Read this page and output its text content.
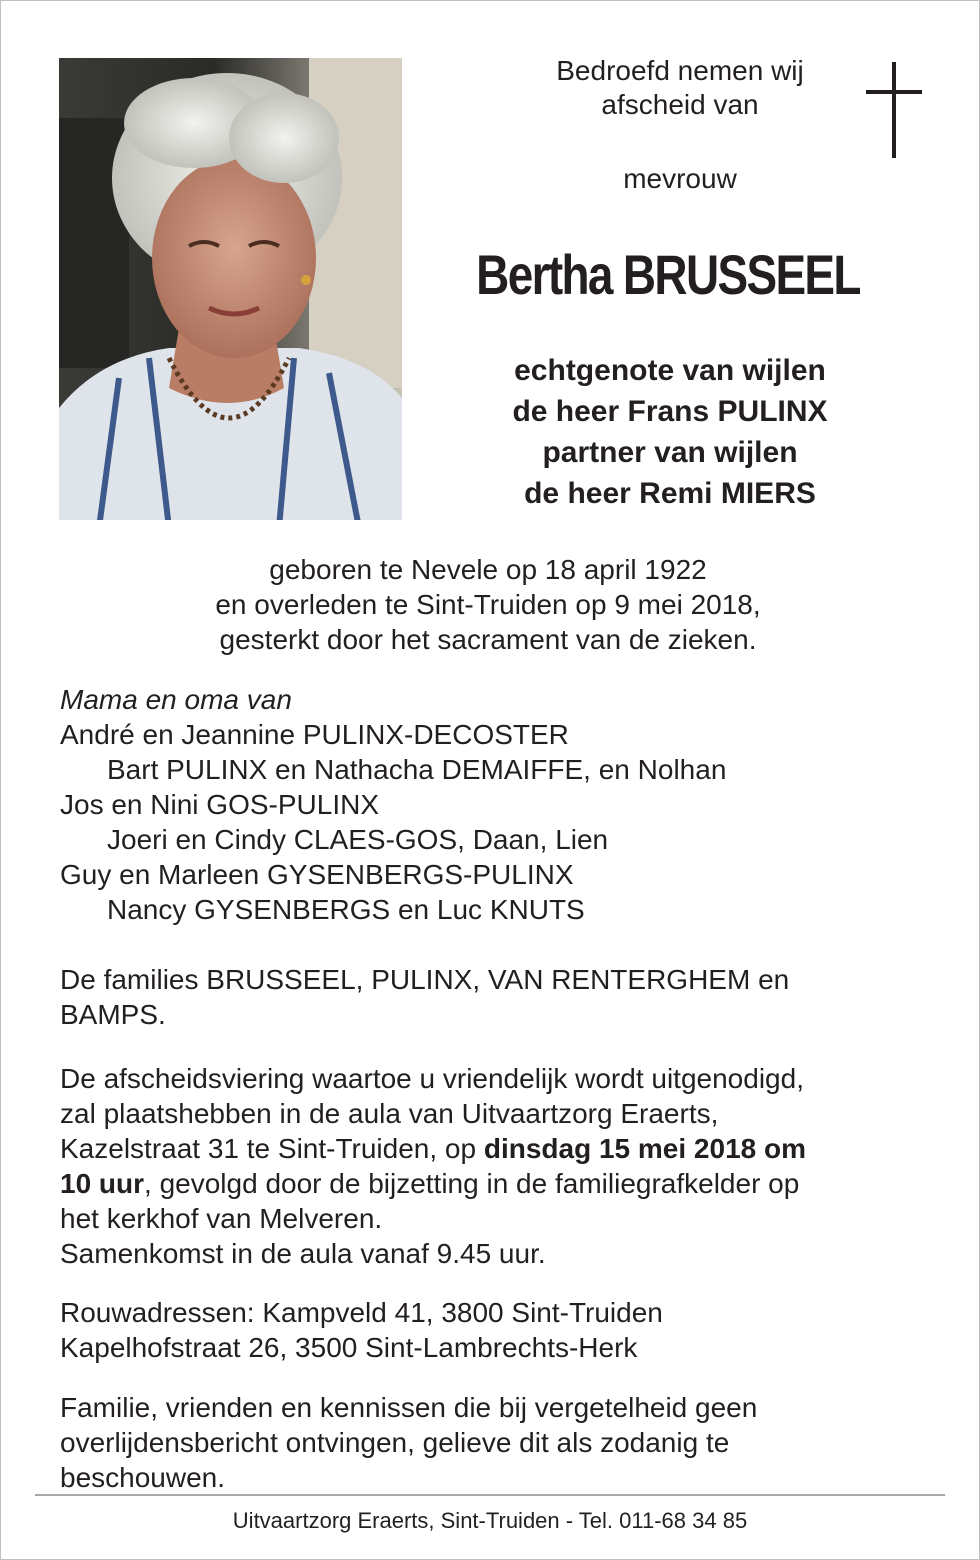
Bedroefd nemen wij
afscheid van
mevrouw
Bertha BRUSSEEL
echtgenote van wijlen
de heer Frans PULINX
partner van wijlen
de heer Remi MIERS
geboren te Nevele op 18 april 1922
en overleden te Sint-Truiden op 9 mei 2018,
gesterkt door het sacrament van de zieken.
Mama en oma van
André en Jeannine PULINX-DECOSTER
Bart PULINX en Nathacha DEMAIFFE, en Nolhan
Jos en Nini GOS-PULINX
Joeri en Cindy CLAES-GOS, Daan, Lien
Guy en Marleen GYSENBERGS-PULINX
Nancy GYSENBERGS en Luc KNUTS
De families BRUSSEEL, PULINX, VAN RENTERGHEM en
BAMPS.
De afscheidsviering waartoe u vriendelijk wordt uitgenodigd,
zal plaatshebben in de aula van Uitvaartzorg Eraerts,
Kazelstraat 31 te Sint-Truiden, op dinsdag 15 mei 2018 om
10 uur, gevolgd door de bijzetting in de familiegrafkelder op
het kerkhof van Melveren.
Samenkomst in de aula vanaf 9.45 uur.
Rouwadressen: Kampveld 41, 3800 Sint-Truiden
Kapelhofstraat 26, 3500 Sint-Lambrechts-Herk
Familie, vrienden en kennissen die bij vergetelheid geen
overlijdensbericht ontvingen, gelieve dit als zodanig te
beschouwen.
Uitvaartzorg Eraerts, Sint-Truiden - Tel. 011-68 34 85
